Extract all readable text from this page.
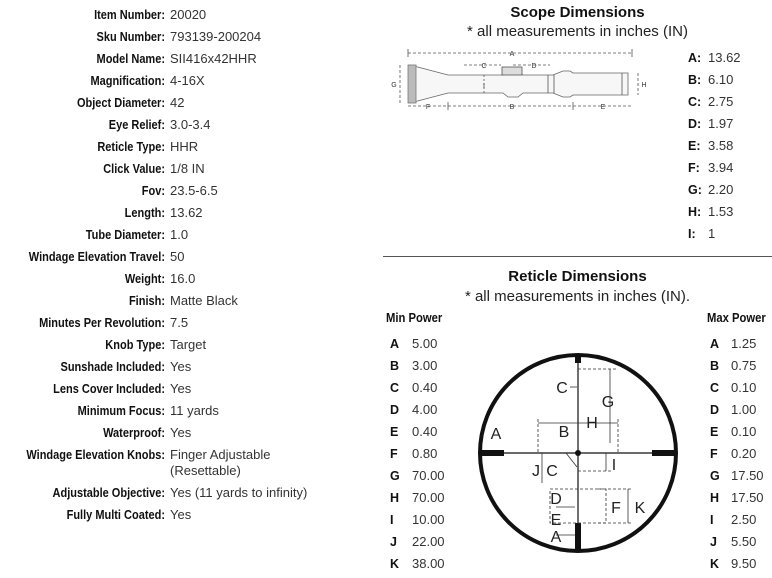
Item Number: 20020
Sku Number: 793139-200204
Model Name: SII416x42HHR
Magnification: 4-16X
Object Diameter: 42
Eye Relief: 3.0-3.4
Reticle Type: HHR
Click Value: 1/8 IN
Fov: 23.5-6.5
Length: 13.62
Tube Diameter: 1.0
Windage Elevation Travel: 50
Weight: 16.0
Finish: Matte Black
Minutes Per Revolution: 7.5
Knob Type: Target
Sunshade Included: Yes
Lens Cover Included: Yes
Minimum Focus: 11 yards
Waterproof: Yes
Windage Elevation Knobs: Finger Adjustable
(Resettable)
Adjustable Objective: Yes (11 yards to infinity)
Fully Multi Coated: Yes
Scope Dimensions
* all measurements in inches (IN)
A
C	D
G	H
I
F	B	E
A: 13.62
B: 6.10
C: 2.75
D: 1.97
E: 3.58
F: 3.94
G: 2.20
H: 1.53
I: 1
Reticle Dimensions
* all measurements in inches (IN).
Min Power	Max Power
A 5.00
B 3.00
C 0.40
D 4.00
E 0.40
F 0.80
G 70.00
H 70.00
I 10.00
J 22.00
K 38.00
A 1.25
B 0.75
C 0.10
D 1.00
E 0.10
F 0.20
G 17.50
H 17.50
I 2.50
J 5.50
K 9.50
A	B
C
G
H
J C	I
D
E
A
F K
